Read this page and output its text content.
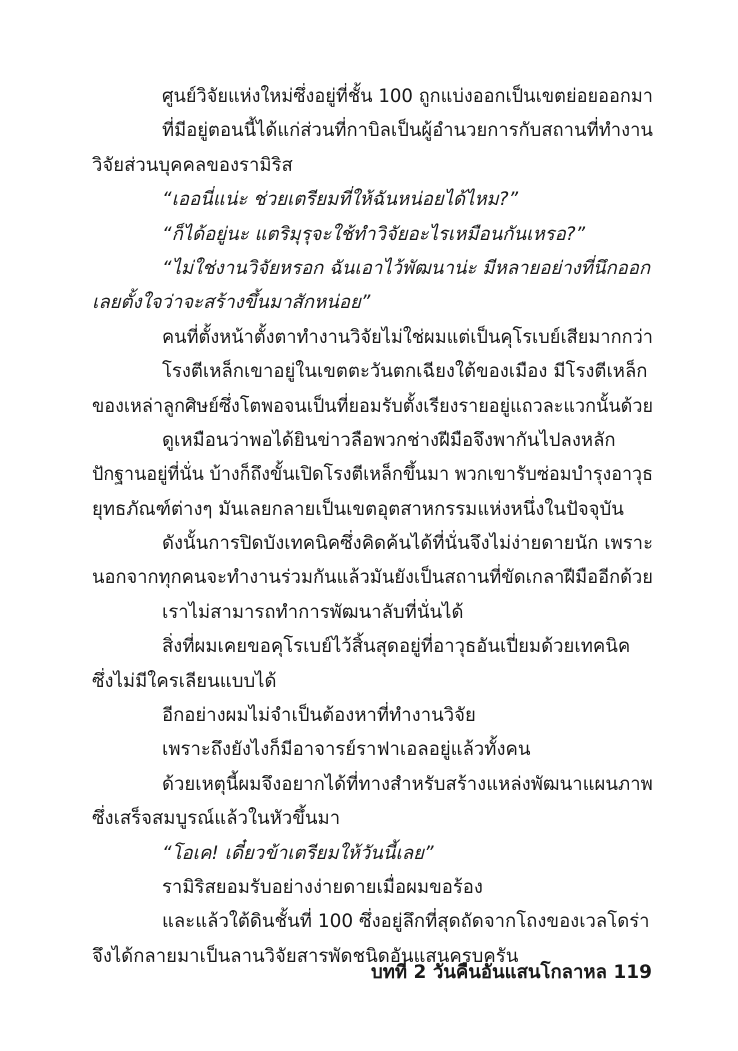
ศูนย์วิจัยแห่งใหม่ซึ่งอยู่ที่ชั้น 100 ถูกแบ่งออกเป็นเขตย่อยออกมา
ที่มีอยู่ตอนนี้ได้แก่ส่วนที่กาบิลเป็นผู้อำนวยการกับสถานที่ทำงาน
วิจัยส่วนบุคคลของรามิริส
“เออนี่แน่ะ ช่วยเตรียมที่ให้ฉันหน่อยได้ไหม?”
“ก็ได้อยู่นะ แตริมุรุจะใช้ทำวิจัยอะไรเหมือนกันเหรอ?”
“ไม่ใช่งานวิจัยหรอก ฉันเอาไว้พัฒนาน่ะ มีหลายอย่างที่นึกออก
เลยตั้งใจว่าจะสร้างขึ้นมาสักหน่อย”
คนที่ตั้งหน้าตั้งตาทำงานวิจัยไม่ใช่ผมแต่เป็นคุโรเบย์เสียมากกว่า
โรงตีเหล็กเขาอยู่ในเขตตะวันตกเฉียงใต้ของเมือง มีโรงตีเหล็ก
ของเหล่าลูกศิษย์ซึ่งโตพอจนเป็นที่ยอมรับตั้งเรียงรายอยู่แถวละแวกนั้นด้วย
ดูเหมือนว่าพอได้ยินข่าวลือพวกช่างฝีมือจึงพากันไปลงหลัก
ปักฐานอยู่ที่นั่น บ้างก็ถึงขั้นเปิดโรงตีเหล็กขึ้นมา พวกเขารับซ่อมบำรุงอาวุธ
ยุทธภัณฑ์ต่างๆ มันเลยกลายเป็นเขตอุตสาหกรรมแห่งหนึ่งในปัจจุบัน
ดังนั้นการปิดบังเทคนิคซึ่งคิดค้นได้ที่นั่นจึงไม่ง่ายดายนัก เพราะ
นอกจากทุกคนจะทำงานร่วมกันแล้วมันยังเป็นสถานที่ขัดเกลาฝีมืออีกด้วย
เราไม่สามารถทำการพัฒนาลับที่นั่นได้
สิ่งที่ผมเคยขอคุโรเบย์ไว้สิ้นสุดอยู่ที่อาวุธอันเปี่ยมด้วยเทคนิค
ซึ่งไม่มีใครเลียนแบบได้
อีกอย่างผมไม่จำเป็นต้องหาที่ทำงานวิจัย
เพราะถึงยังไงก็มีอาจารย์ราฟาเอลอยู่แล้วทั้งคน
ด้วยเหตุนี้ผมจึงอยากได้ที่ทางสำหรับสร้างแหล่งพัฒนาแผนภาพ
ซึ่งเสร็จสมบูรณ์แล้วในหัวขึ้นมา
“โอเค! เดี๋ยวข้าเตรียมให้วันนี้เลย”
รามิริสยอมรับอย่างง่ายดายเมื่อผมขอร้อง
และแล้วใต้ดินชั้นที่ 100 ซึ่งอยู่ลึกที่สุดถัดจากโถงของเวลโดร่า
จึงได้กลายมาเป็นลานวิจัยสารพัดชนิดอันแสนครบครัน
บทที่ 2 วันคืนอันแสนโกลาหล 119
